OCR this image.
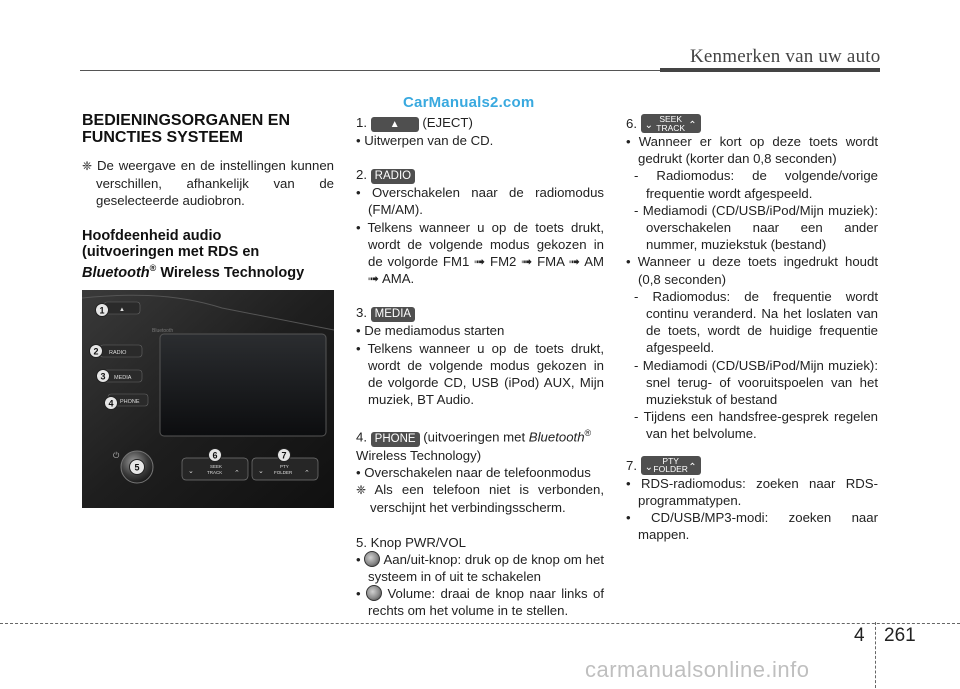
Kenmerken van uw auto
CarManuals2.com

BEDIENINGSORGANEN EN
FUNCTIES SYSTEEM

❈ De weergave en de instellingen kunnen verschillen, afhankelijk van de geselecteerde audiobron.

Hoofdeenheid audio
(uitvoeringen met RDS en
Bluetooth® Wireless Technology

Bluetooth
▲
RADIO
MEDIA
PHONE
⏻
SEEK
TRACK
⌄	⌃
PTY
FOLDER
⌄	⌃
1
2
3
4
5
6	7

1. ▲ (EJECT)

• Uitwerpen van de CD.

2. RADIO

• Overschakelen naar de radiomodus (FM/AM).

• Telkens wanneer u op de toets drukt, wordt de volgende modus gekozen in de volgorde FM1 ➟ FM2 ➟ FMA ➟ AM ➟ AMA.

3. MEDIA

• De mediamodus starten

• Telkens wanneer u op de toets drukt, wordt de volgende modus gekozen in de volgorde CD, USB (iPod) AUX, Mijn muziek, BT Audio.

4. PHONE (uitvoeringen met Bluetooth®

Wireless Technology)

• Overschakelen naar de telefoonmodus

❈ Als een telefoon niet is verbonden, verschijnt het verbindingsscherm.

5. Knop PWR/VOL

•  Aan/uit-knop: druk op de knop om het systeem in of uit te schakelen

•  Volume: draai de knop naar links of rechts om het volume in te stellen.

6. ⌄
SEEK
TRACK ⌃

• Wanneer er kort op deze toets wordt gedrukt (korter dan 0,8 seconden)

- Radiomodus: de volgende/vorige frequentie wordt afgespeeld.

- Mediamodi (CD/USB/iPod/Mijn muziek): overschakelen naar een ander nummer, muziekstuk (bestand)

• Wanneer u deze toets ingedrukt houdt (0,8 seconden)

- Radiomodus: de frequentie wordt continu veranderd. Na het loslaten van de toets, wordt de huidige frequentie afgespeeld.

- Mediamodi (CD/USB/iPod/Mijn muziek): snel terug- of vooruitspoelen van het muziekstuk of bestand

- Tijdens een handsfree-gesprek regelen van het belvolume.

7. ⌄
PTY
FOLDER ⌃

• RDS-radiomodus: zoeken naar RDS-programmatypen.

• CD/USB/MP3-modi: zoeken naar mappen.

4 261
carmanualsonline.info
